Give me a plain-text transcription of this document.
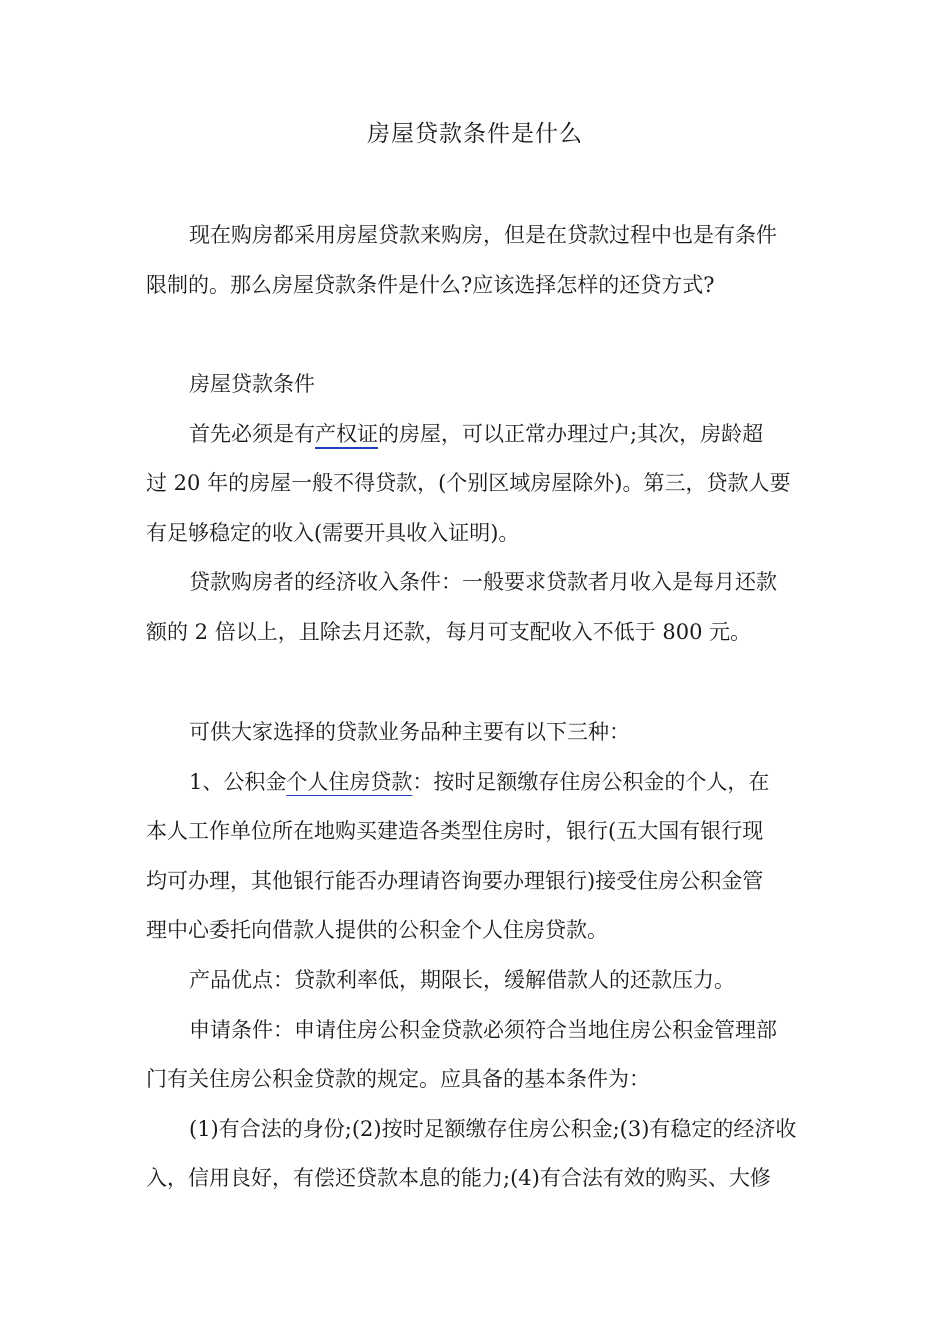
房屋贷款条件是什么
现在购房都采用房屋贷款来购房，但是在贷款过程中也是有条件
限制的。那么房屋贷款条件是什么?应该选择怎样的还贷方式?
房屋贷款条件
首先必须是有产权证的房屋，可以正常办理过户;其次，房龄超
过 20 年的房屋一般不得贷款，(个别区域房屋除外)。第三，贷款人要
有足够稳定的收入(需要开具收入证明)。
贷款购房者的经济收入条件：一般要求贷款者月收入是每月还款
额的 2 倍以上，且除去月还款，每月可支配收入不低于 800 元。
可供大家选择的贷款业务品种主要有以下三种：
1、公积金个人住房贷款：按时足额缴存住房公积金的个人，在
本人工作单位所在地购买建造各类型住房时，银行(五大国有银行现
均可办理，其他银行能否办理请咨询要办理银行)接受住房公积金管
理中心委托向借款人提供的公积金个人住房贷款。
产品优点：贷款利率低，期限长，缓解借款人的还款压力。
申请条件：申请住房公积金贷款必须符合当地住房公积金管理部
门有关住房公积金贷款的规定。应具备的基本条件为：
(1)有合法的身份;(2)按时足额缴存住房公积金;(3)有稳定的经济收
入，信用良好，有偿还贷款本息的能力;(4)有合法有效的购买、大修
